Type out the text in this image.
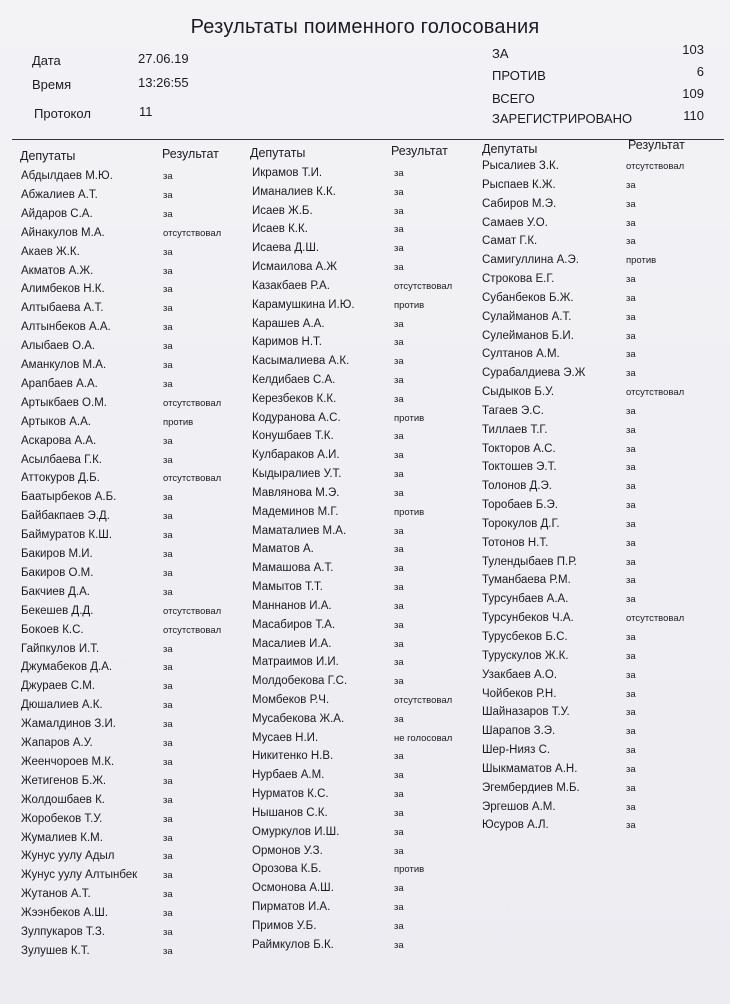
Результаты поименного голосования
Дата	27.06.19
Время	13:26:55
Протокол	11
ЗА	103
ПРОТИВ	6
ВСЕГО	109
ЗАРЕГИСТРИРОВАНО	110
Депутаты	Результат Депутаты	Результат	Депутаты	Результат
Абдылдаев М.Ю.	за
Абжалиев А.Т.	за
Айдаров С.А.	за
Айнакулов М.А.	отсутствовал
Акаев Ж.К.	за
Акматов А.Ж.	за
Алимбеков Н.К.	за
Алтыбаева А.Т.	за
Алтынбеков А.А.	за
Алыбаев О.А.	за
Аманкулов М.А.	за
Арапбаев А.А.	за
Артыкбаев О.М.	отсутствовал
Артыков А.А.	против
Аскарова А.А.	за
Асылбаева Г.К.	за
Аттокуров Д.Б.	отсутствовал
Баатырбеков А.Б.	за
Байбакпаев Э.Д.	за
Баймуратов К.Ш.	за
Бакиров М.И.	за
Бакиров О.М.	за
Бакчиев Д.А.	за
Бекешев Д.Д.	отсутствовал
Бокоев К.С.	отсутствовал
Гайпкулов И.Т.	за
Джумабеков Д.А.	за
Джураев С.М.	за
Дюшалиев А.К.	за
Жамалдинов З.И.	за
Жапаров А.У.	за
Жеенчороев М.К.	за
Жетигенов Б.Ж.	за
Жолдошбаев К.	за
Жоробеков Т.У.	за
Жумалиев К.М.	за
Жунус уулу Адыл	за
Жунус уулу Алтынбек	за
Жутанов А.Т.	за
Жээнбеков А.Ш.	за
Зулпукаров Т.З.	за
Зулушев К.Т.	за
Икрамов Т.И.	за
Иманалиев К.К.	за
Исаев Ж.Б.	за
Исаев К.К.	за
Исаева Д.Ш.	за
Исмаилова А.Ж	за
Казакбаев Р.А.	отсутствовал
Карамушкина И.Ю.	против
Карашев А.А.	за
Каримов Н.Т.	за
Касымалиева А.К.	за
Келдибаев С.А.	за
Керезбеков К.К.	за
Кодуранова А.С.	против
Конушбаев Т.К.	за
Кулбараков А.И.	за
Кыдыралиев У.Т.	за
Мавлянова М.Э.	за
Мадеминов М.Г.	против
Маматалиев М.А.	за
Маматов А.	за
Мамашова А.Т.	за
Мамытов Т.Т.	за
Маннанов И.А.	за
Масабиров Т.А.	за
Масалиев И.А.	за
Матраимов И.И.	за
Молдобекова Г.С.	за
Момбеков Р.Ч.	отсутствовал
Мусабекова Ж.А.	за
Мусаев Н.И.	не голосовал
Никитенко Н.В.	за
Нурбаев А.М.	за
Нурматов К.С.	за
Нышанов С.К.	за
Омуркулов И.Ш.	за
Ормонов У.З.	за
Орозова К.Б.	против
Осмонова А.Ш.	за
Пирматов И.А.	за
Примов У.Б.	за
Раймкулов Б.К.	за
Рысалиев З.К.	отсутствовал
Рыспаев К.Ж.	за
Сабиров М.Э.	за
Самаев У.О.	за
Самат Г.К.	за
Самигуллина А.Э.	против
Строкова Е.Г.	за
Субанбеков Б.Ж.	за
Сулайманов А.Т.	за
Сулейманов Б.И.	за
Султанов А.М.	за
Сурабалдиева Э.Ж	за
Сыдыков Б.У.	отсутствовал
Тагаев Э.С.	за
Тиллаев Т.Г.	за
Токторов А.С.	за
Токтошев Э.Т.	за
Толонов Д.Э.	за
Торобаев Б.Э.	за
Торокулов Д.Г.	за
Тотонов Н.Т.	за
Тулендыбаев П.Р.	за
Туманбаева Р.М.	за
Турсунбаев А.А.	за
Турсунбеков Ч.А.	отсутствовал
Турусбеков Б.С.	за
Турускулов Ж.К.	за
Узакбаев А.О.	за
Чойбеков Р.Н.	за
Шайназаров Т.У.	за
Шарапов З.Э.	за
Шер-Нияз С.	за
Шыкмаматов А.Н.	за
Эгембердиев М.Б.	за
Эргешов А.М.	за
Юсуров А.Л.	за
